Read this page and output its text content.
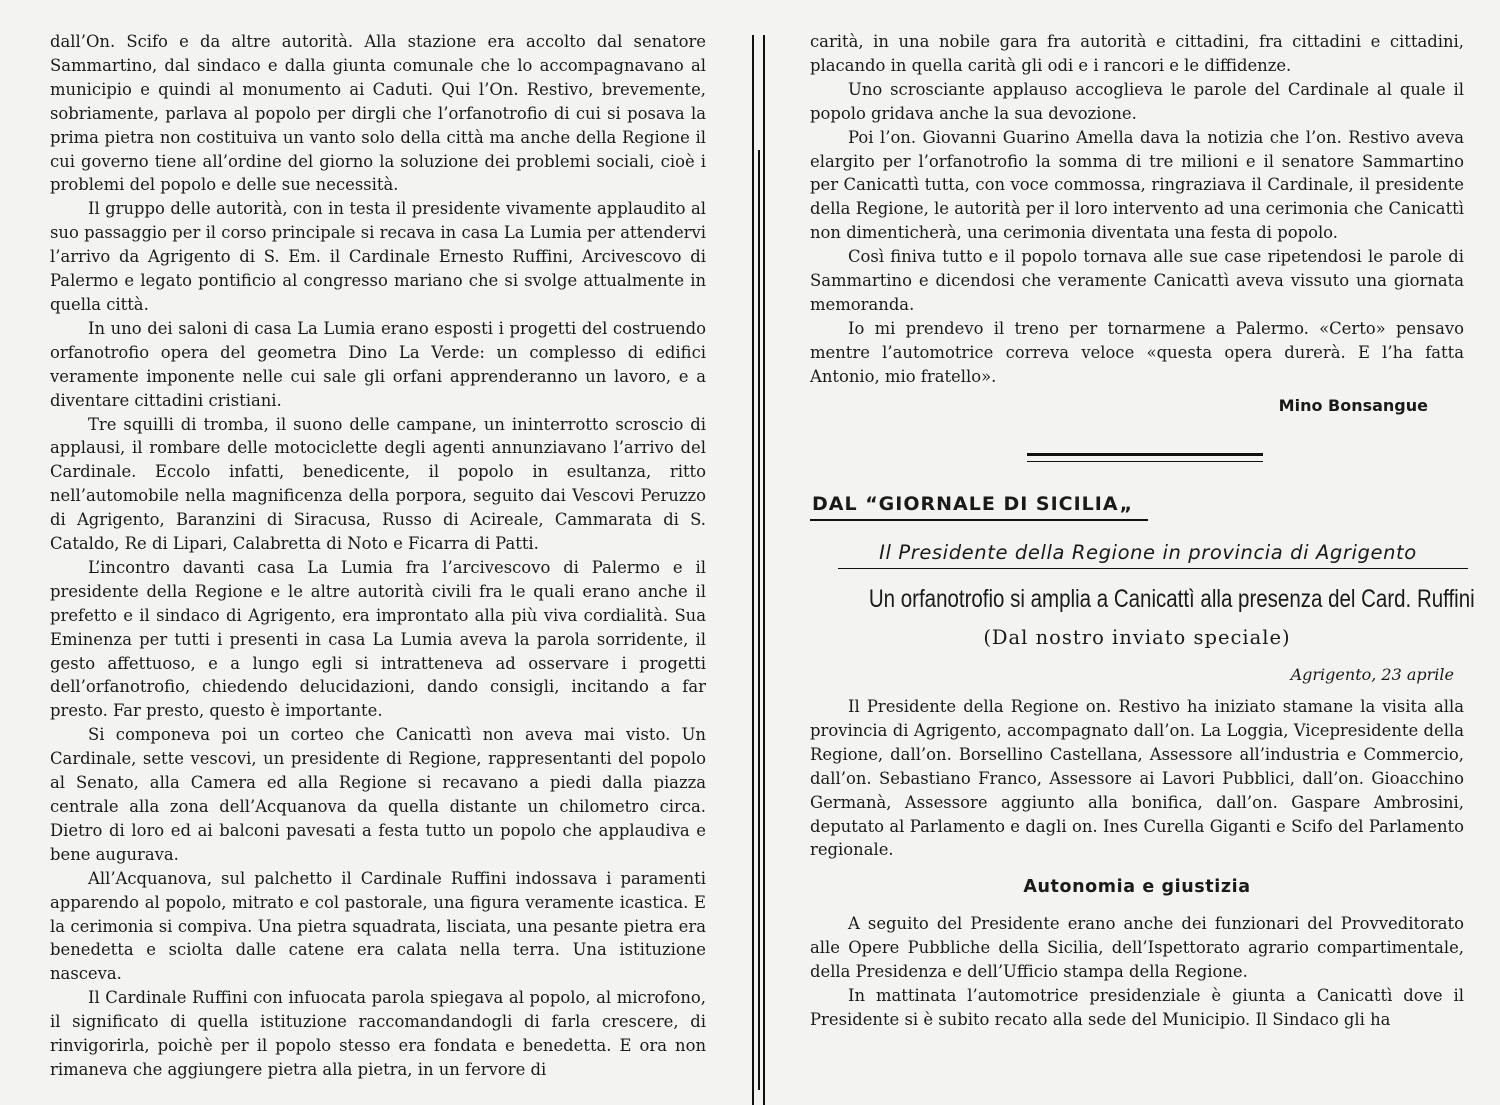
dall’On. Scifo e da altre autorità. Alla stazione era accolto dal senatore Sammartino, dal sindaco e dalla giunta comunale che lo accompagnavano al municipio e quindi al monumento ai Caduti. Qui l’On. Restivo, brevemente, sobriamente, parlava al popolo per dirgli che l’orfanotrofio di cui si posava la prima pietra non costituiva un vanto solo della città ma anche della Regione il cui governo tiene all’ordine del giorno la soluzione dei problemi sociali, cioè i problemi del popolo e delle sue necessità.

Il gruppo delle autorità, con in testa il presidente vivamente applaudito al suo passaggio per il corso principale si recava in casa La Lumia per attendervi l’arrivo da Agrigento di S. Em. il Cardinale Ernesto Ruffini, Arcivescovo di Palermo e legato pontificio al congresso mariano che si svolge attualmente in quella città.

In uno dei saloni di casa La Lumia erano esposti i progetti del costruendo orfanotrofio opera del geometra Dino La Verde: un complesso di edifici veramente imponente nelle cui sale gli orfani apprenderanno un lavoro, e a diventare cittadini cristiani.

Tre squilli di tromba, il suono delle campane, un ininterrotto scroscio di applausi, il rombare delle motociclette degli agenti annunziavano l’arrivo del Cardinale. Eccolo infatti, benedicente, il popolo in esultanza, ritto nell’automobile nella magnificenza della porpora, seguito dai Vescovi Peruzzo di Agrigento, Baranzini di Siracusa, Russo di Acireale, Cammarata di S. Cataldo, Re di Lipari, Calabretta di Noto e Ficarra di Patti.

L’incontro davanti casa La Lumia fra l’arcivescovo di Palermo e il presidente della Regione e le altre autorità civili fra le quali erano anche il prefetto e il sindaco di Agrigento, era improntato alla più viva cordialità. Sua Eminenza per tutti i presenti in casa La Lumia aveva la parola sorridente, il gesto affettuoso, e a lungo egli si intratteneva ad osservare i progetti dell’orfanotrofio, chiedendo delucidazioni, dando consigli, incitando a far presto. Far presto, questo è importante.

Si componeva poi un corteo che Canicattì non aveva mai visto. Un Cardinale, sette vescovi, un presidente di Regione, rappresentanti del popolo al Senato, alla Camera ed alla Regione si recavano a piedi dalla piazza centrale alla zona dell’Acquanova da quella distante un chilometro circa. Dietro di loro ed ai balconi pavesati a festa tutto un popolo che applaudiva e bene augurava.

All’Acquanova, sul palchetto il Cardinale Ruffini indossava i paramenti apparendo al popolo, mitrato e col pastorale, una figura veramente icastica. E la cerimonia si compiva. Una pietra squadrata, lisciata, una pesante pietra era benedetta e sciolta dalle catene era calata nella terra. Una istituzione nasceva.

Il Cardinale Ruffini con infuocata parola spiegava al popolo, al microfono, il significato di quella istituzione raccomandandogli di farla crescere, di rinvigorirla, poichè per il popolo stesso era fondata e benedetta. E ora non rimaneva che aggiungere pietra alla pietra, in un fervore di

carità, in una nobile gara fra autorità e cittadini, fra cittadini e cittadini, placando in quella carità gli odi e i rancori e le diffidenze.

Uno scrosciante applauso accoglieva le parole del Cardinale al quale il popolo gridava anche la sua devozione.

Poi l’on. Giovanni Guarino Amella dava la notizia che l’on. Restivo aveva elargito per l’orfanotrofio la somma di tre milioni e il senatore Sammartino per Canicattì tutta, con voce commossa, ringraziava il Cardinale, il presidente della Regione, le autorità per il loro intervento ad una cerimonia che Canicattì non dimenticherà, una cerimonia diventata una festa di popolo.

Così finiva tutto e il popolo tornava alle sue case ripetendosi le parole di Sammartino e dicendosi che veramente Canicattì aveva vissuto una giornata memoranda.

Io mi prendevo il treno per tornarmene a Palermo. «Certo» pensavo mentre l’automotrice correva veloce «questa opera durerà. E l’ha fatta Antonio, mio fratello».

Mino Bonsangue
DAL “GIORNALE DI SICILIA„
Il Presidente della Regione in provincia di Agrigento
Un orfanotrofio si amplia a Canicattì alla presenza del Card. Ruffini
(Dal nostro inviato speciale)
Agrigento, 23 aprile

Il Presidente della Regione on. Restivo ha iniziato stamane la visita alla provincia di Agrigento, accompagnato dall’on. La Loggia, Vicepresidente della Regione, dall’on. Borsellino Castellana, Assessore all’industria e Commercio, dall’on. Sebastiano Franco, Assessore ai Lavori Pubblici, dall’on. Gioacchino Germanà, Assessore aggiunto alla bonifica, dall’on. Gaspare Ambrosini, deputato al Parlamento e dagli on. Ines Curella Giganti e Scifo del Parlamento regionale.

Autonomia e giustizia

A seguito del Presidente erano anche dei funzionari del Provveditorato alle Opere Pubbliche della Sicilia, dell’Ispettorato agrario compartimentale, della Presidenza e dell’Ufficio stampa della Regione.

In mattinata l’automotrice presidenziale è giunta a Canicattì dove il Presidente si è subito recato alla sede del Municipio. Il Sindaco gli ha
